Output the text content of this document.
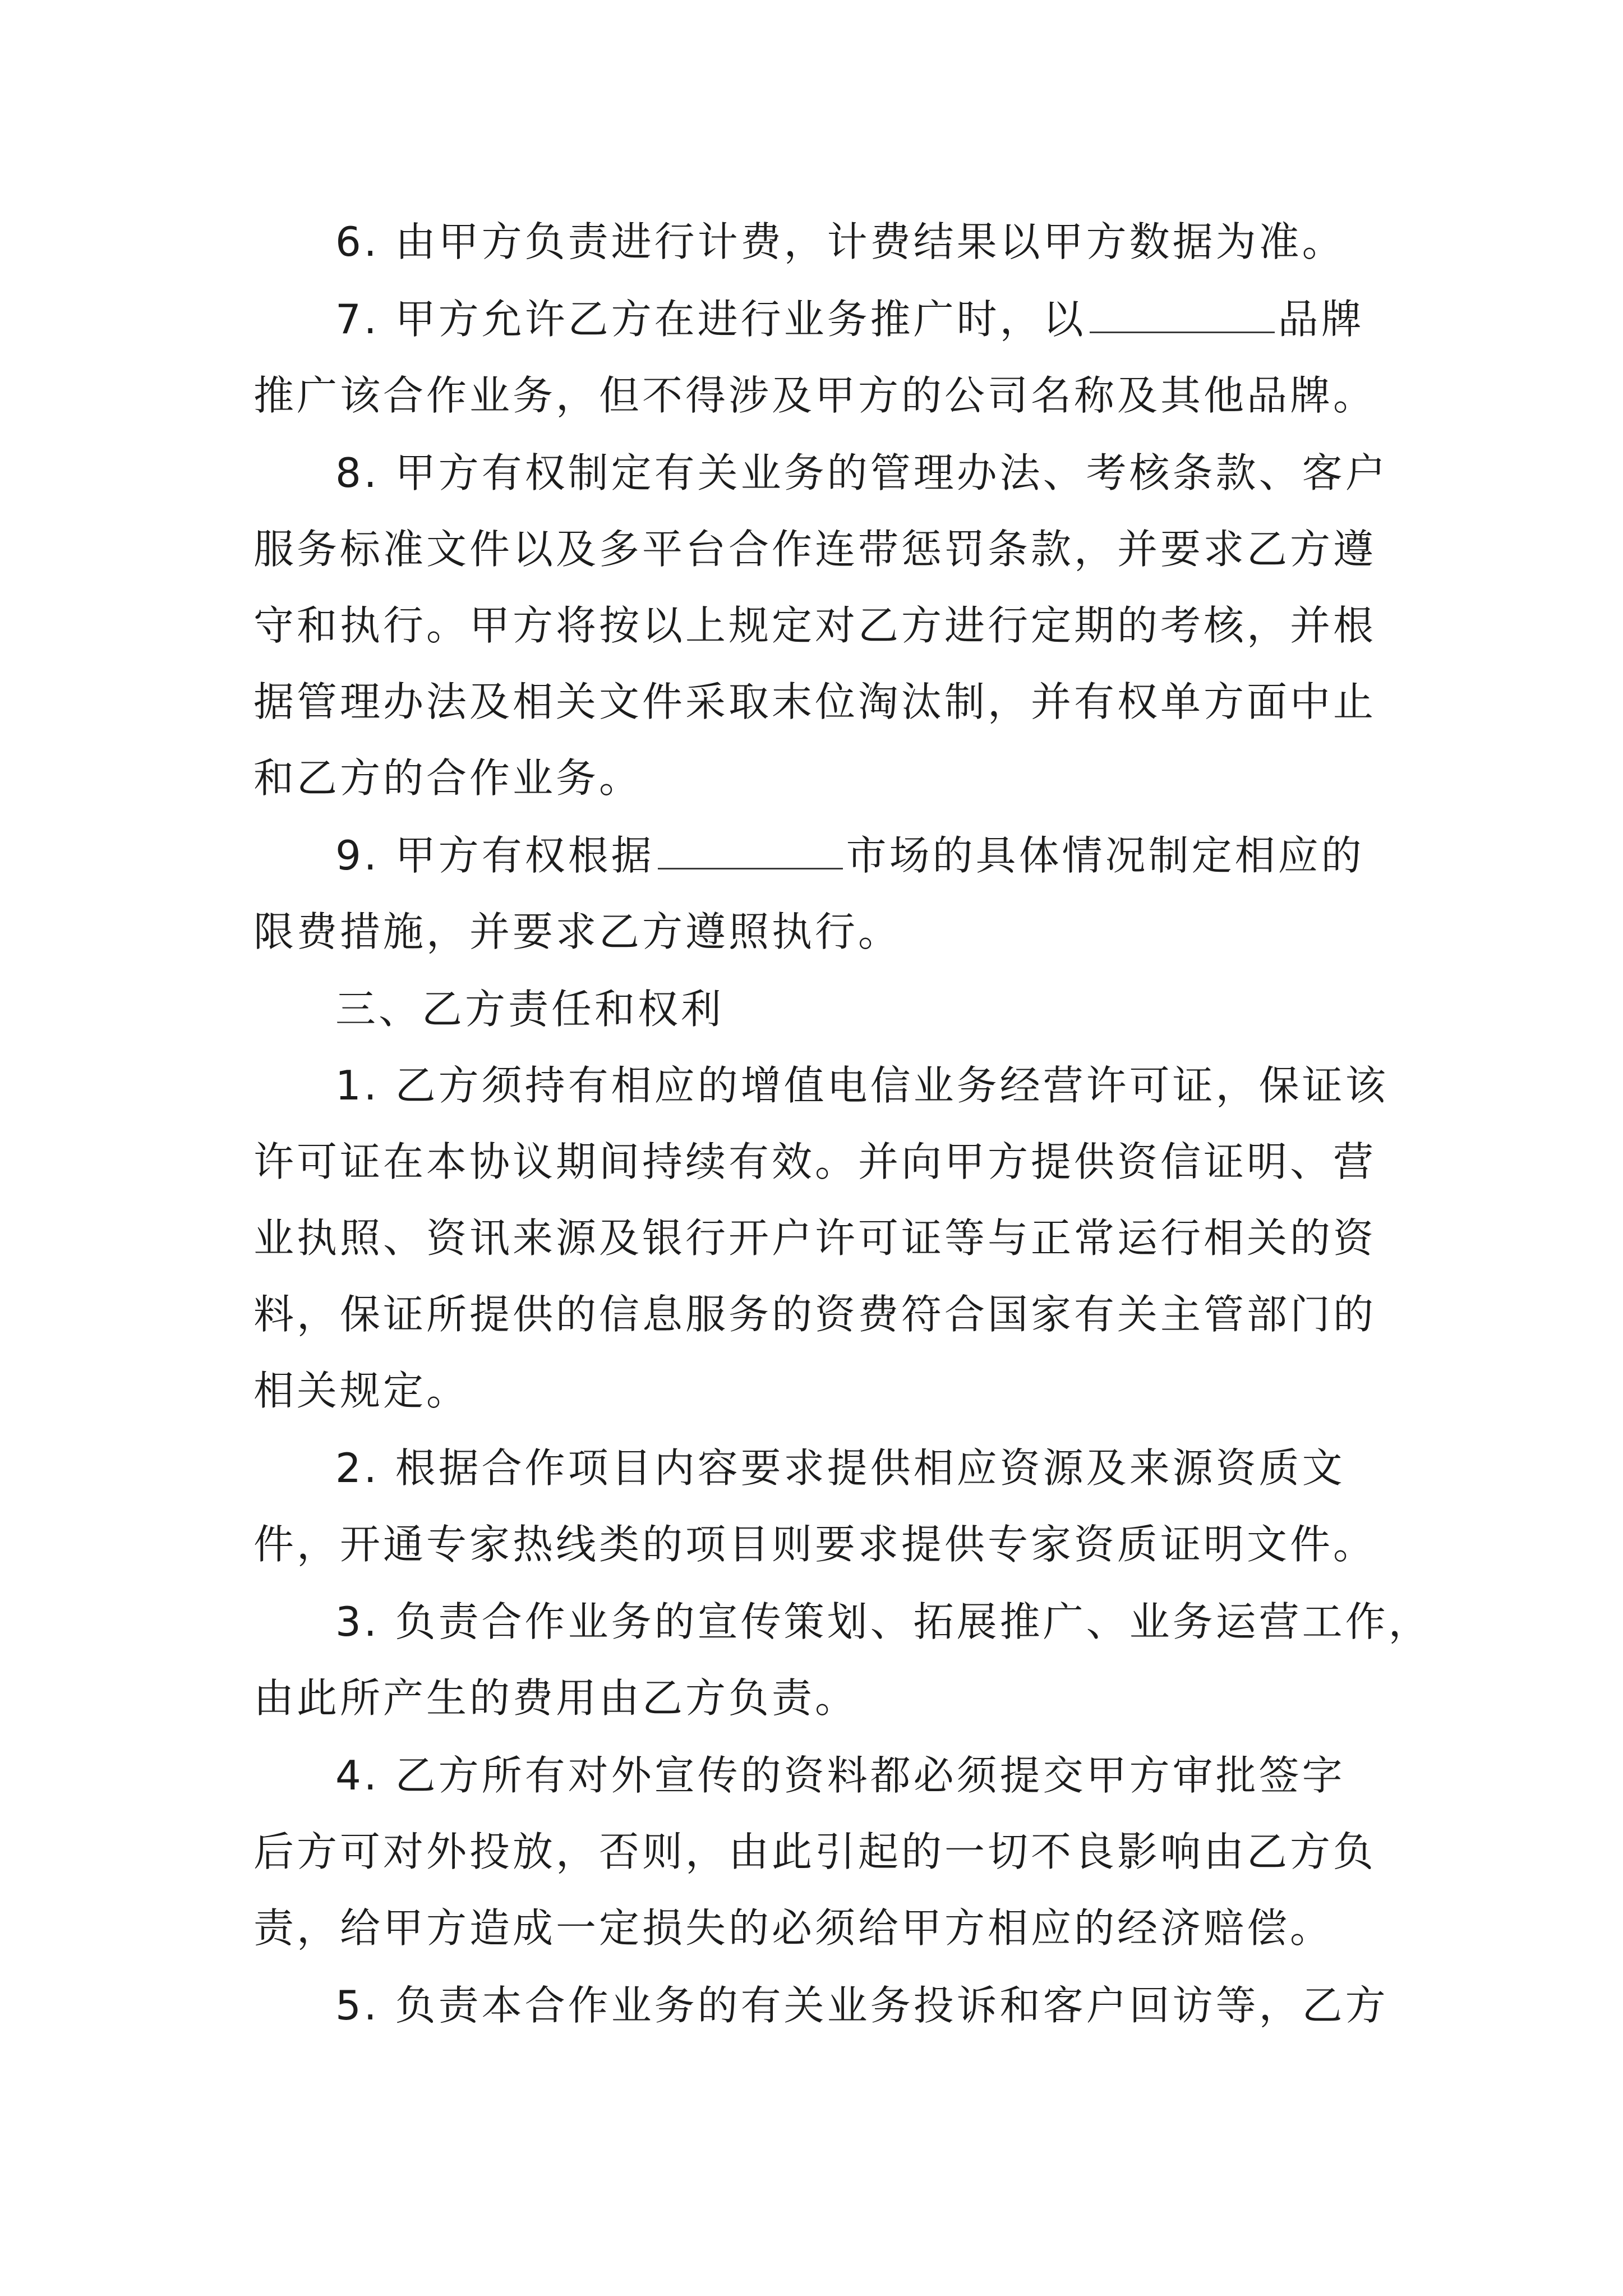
6. 由甲方负责进行计费，计费结果以甲方数据为准。
7. 甲方允许乙方在进行业务推广时，以	品牌
推广该合作业务，但不得涉及甲方的公司名称及其他品牌。
8. 甲方有权制定有关业务的管理办法、考核条款、客户
服务标准文件以及多平台合作连带惩罚条款，并要求乙方遵
守和执行。甲方将按以上规定对乙方进行定期的考核，并根
据管理办法及相关文件采取末位淘汰制，并有权单方面中止
和乙方的合作业务。
9. 甲方有权根据	市场的具体情况制定相应的
限费措施，并要求乙方遵照执行。
三、乙方责任和权利
1. 乙方须持有相应的增值电信业务经营许可证，保证该
许可证在本协议期间持续有效。并向甲方提供资信证明、营
业执照、资讯来源及银行开户许可证等与正常运行相关的资
料，保证所提供的信息服务的资费符合国家有关主管部门的
相关规定。
2. 根据合作项目内容要求提供相应资源及来源资质文
件，开通专家热线类的项目则要求提供专家资质证明文件。
3. 负责合作业务的宣传策划、拓展推广、业务运营工作，
由此所产生的费用由乙方负责。
4. 乙方所有对外宣传的资料都必须提交甲方审批签字
后方可对外投放，否则，由此引起的一切不良影响由乙方负
责，给甲方造成一定损失的必须给甲方相应的经济赔偿。
5. 负责本合作业务的有关业务投诉和客户回访等，乙方
